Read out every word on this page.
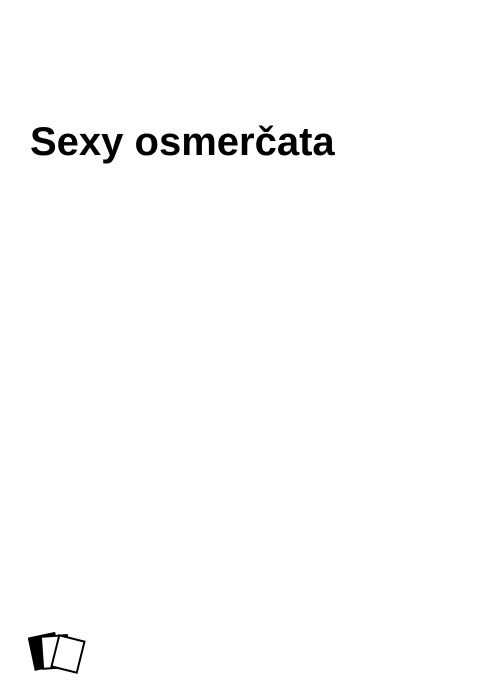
Sexy osmerčata
